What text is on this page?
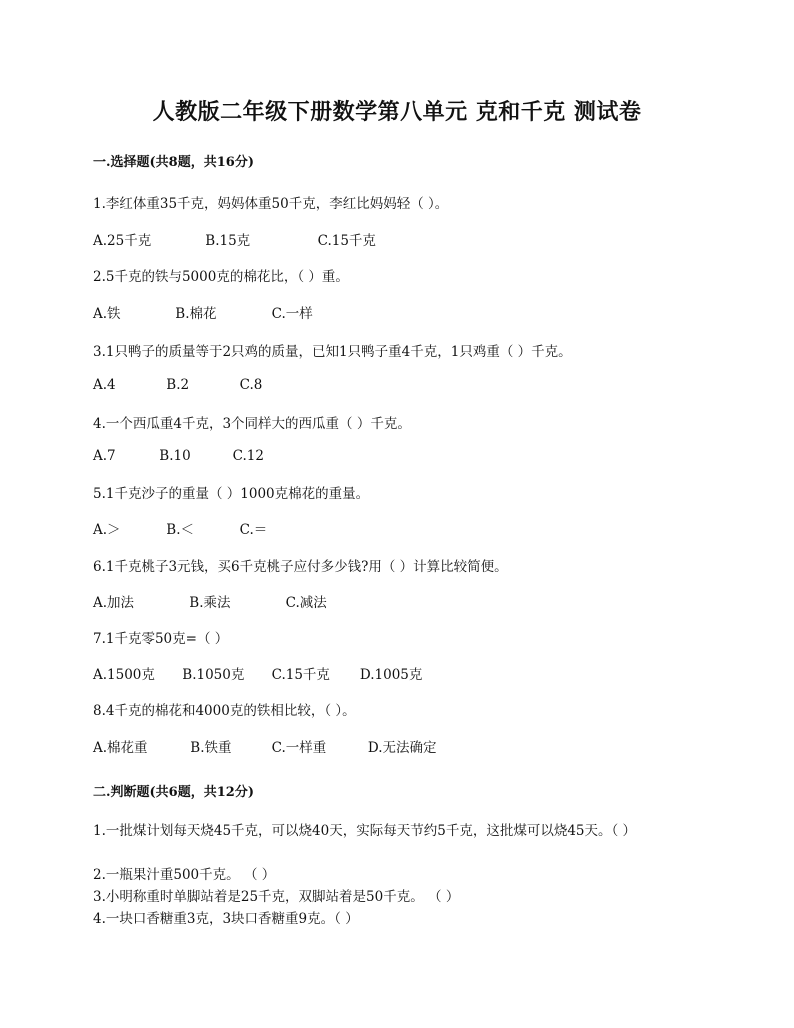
人教版二年级下册数学第八单元 克和千克 测试卷
一.选择题(共8题，共16分)
1.李红体重35千克，妈妈体重50千克，李红比妈妈轻（ ）。
A.25千克	B.15克	C.15千克
2.5千克的铁与5000克的棉花比，（ ）重。
A.铁	B.棉花	C.一样
3.1只鸭子的质量等于2只鸡的质量，已知1只鸭子重4千克，1只鸡重（ ）千克。
A.4	B.2	C.8
4.一个西瓜重4千克，3个同样大的西瓜重（ ）千克。
A.7	B.10	C.12
5.1千克沙子的重量（ ）1000克棉花的重量。
A.＞	B.＜	C.＝
6.1千克桃子3元钱，买6千克桃子应付多少钱?用（ ）计算比较简便。
A.加法	B.乘法	C.减法
7.1千克零50克=（ ）
A.1500克 B.1050克 C.15千克 D.1005克
8.4千克的棉花和4000克的铁相比较，（ ）。
A.棉花重	B.铁重	C.一样重	D.无法确定
二.判断题(共6题，共12分)
1.一批煤计划每天烧45千克，可以烧40天，实际每天节约5千克，这批煤可以烧45天。（ ）
2.一瓶果汁重500千克。 （ ）
3.小明称重时单脚站着是25千克，双脚站着是50千克。 （ ）
4.一块口香糖重3克，3块口香糖重9克。（ ）
